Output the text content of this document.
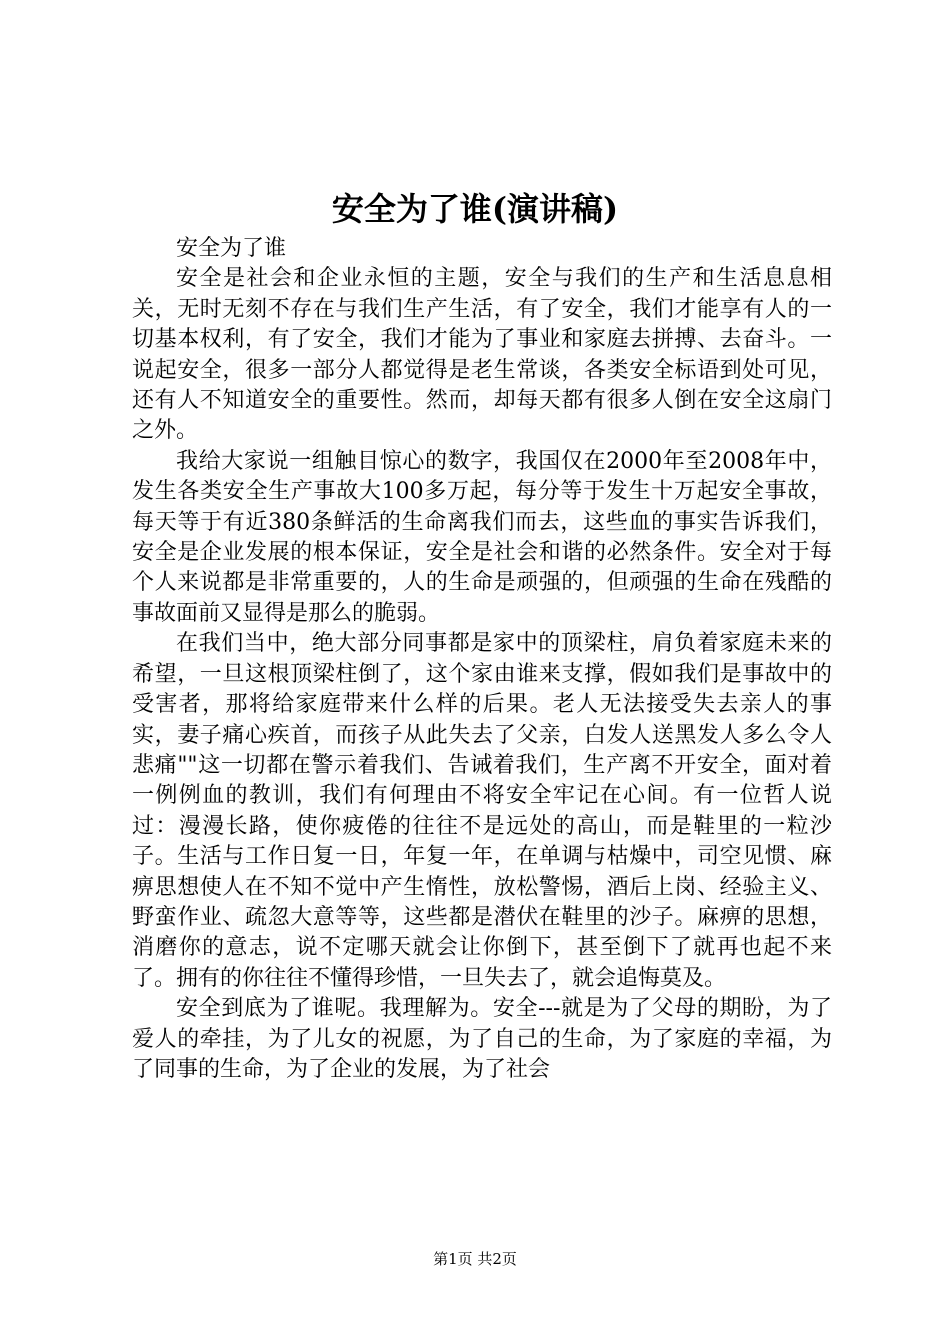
安全为了谁(演讲稿)

安全为了谁

安全是社会和企业永恒的主题，安全与我们的生产和生活息息相关，无时无刻不存在与我们生产生活，有了安全，我们才能享有人的一切基本权利，有了安全，我们才能为了事业和家庭去拼搏、去奋斗。一说起安全，很多一部分人都觉得是老生常谈，各类安全标语到处可见，还有人不知道安全的重要性。然而，却每天都有很多人倒在安全这扇门之外。

我给大家说一组触目惊心的数字，我国仅在2000年至2008年中，发生各类安全生产事故大100多万起，每分等于发生十万起安全事故，每天等于有近380条鲜活的生命离我们而去，这些血的事实告诉我们，安全是企业发展的根本保证，安全是社会和谐的必然条件。安全对于每个人来说都是非常重要的，人的生命是顽强的，但顽强的生命在残酷的事故面前又显得是那么的脆弱。

在我们当中，绝大部分同事都是家中的顶梁柱，肩负着家庭未来的希望，一旦这根顶梁柱倒了，这个家由谁来支撑，假如我们是事故中的受害者，那将给家庭带来什么样的后果。老人无法接受失去亲人的事实，妻子痛心疾首，而孩子从此失去了父亲，白发人送黑发人多么令人悲痛""这一切都在警示着我们、告诫着我们，生产离不开安全，面对着一例例血的教训，我们有何理由不将安全牢记在心间。有一位哲人说过：漫漫长路，使你疲倦的往往不是远处的高山，而是鞋里的一粒沙子。生活与工作日复一日，年复一年，在单调与枯燥中，司空见惯、麻痹思想使人在不知不觉中产生惰性，放松警惕，酒后上岗、经验主义、野蛮作业、疏忽大意等等，这些都是潜伏在鞋里的沙子。麻痹的思想，消磨你的意志，说不定哪天就会让你倒下，甚至倒下了就再也起不来了。拥有的你往往不懂得珍惜，一旦失去了，就会追悔莫及。

安全到底为了谁呢。我理解为。安全---就是为了父母的期盼，为了爱人的牵挂，为了儿女的祝愿，为了自己的生命，为了家庭的幸福，为了同事的生命，为了企业的发展，为了社会

第1页 共2页
